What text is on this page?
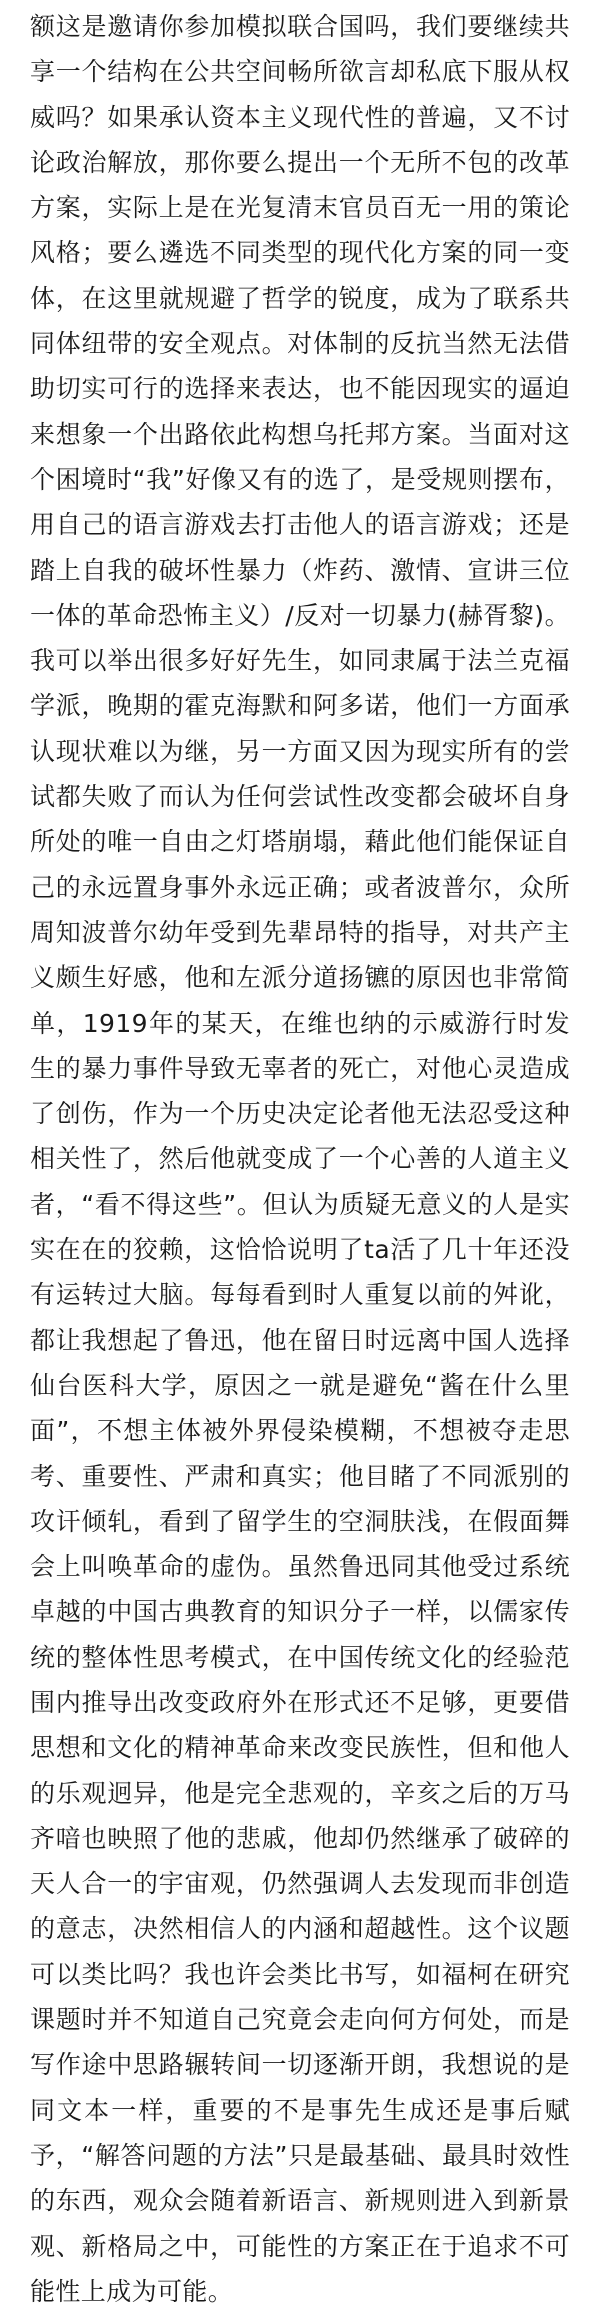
额这是邀请你参加模拟联合国吗，我们要继续共享一个结构在公共空间畅所欲言却私底下服从权威吗？如果承认资本主义现代性的普遍，又不讨论政治解放，那你要么提出一个无所不包的改革方案，实际上是在光复清末官员百无一用的策论风格；要么遴选不同类型的现代化方案的同一变体，在这里就规避了哲学的锐度，成为了联系共同体纽带的安全观点。对体制的反抗当然无法借助切实可行的选择来表达，也不能因现实的逼迫来想象一个出路依此构想乌托邦方案。当面对这个困境时“我”好像又有的选了，是受规则摆布，用自己的语言游戏去打击他人的语言游戏；还是踏上自我的破坏性暴力（炸药、激情、宣讲三位一体的革命恐怖主义）/反对一切暴力(赫胥黎)。我可以举出很多好好先生，如同隶属于法兰克福学派，晚期的霍克海默和阿多诺，他们一方面承认现状难以为继，另一方面又因为现实所有的尝试都失败了而认为任何尝试性改变都会破坏自身所处的唯一自由之灯塔崩塌，藉此他们能保证自己的永远置身事外永远正确；或者波普尔，众所周知波普尔幼年受到先辈昂特的指导，对共产主义颇生好感，他和左派分道扬镳的原因也非常简单，1919年的某天，在维也纳的示威游行时发生的暴力事件导致无辜者的死亡，对他心灵造成了创伤，作为一个历史决定论者他无法忍受这种相关性了，然后他就变成了一个心善的人道主义者，“看不得这些”。但认为质疑无意义的人是实实在在的狡赖，这恰恰说明了ta活了几十年还没有运转过大脑。每每看到时人重复以前的舛讹，都让我想起了鲁迅，他在留日时远离中国人选择仙台医科大学，原因之一就是避免“酱在什么里面”，不想主体被外界侵染模糊，不想被夺走思考、重要性、严肃和真实；他目睹了不同派别的攻讦倾轧，看到了留学生的空洞肤浅，在假面舞会上叫唤革命的虚伪。虽然鲁迅同其他受过系统卓越的中国古典教育的知识分子一样，以儒家传统的整体性思考模式，在中国传统文化的经验范围内推导出改变政府外在形式还不足够，更要借思想和文化的精神革命来改变民族性，但和他人的乐观迥异，他是完全悲观的，辛亥之后的万马齐喑也映照了他的悲戚，他却仍然继承了破碎的天人合一的宇宙观，仍然强调人去发现而非创造的意志，决然相信人的内涵和超越性。这个议题可以类比吗？我也许会类比书写，如福柯在研究课题时并不知道自己究竟会走向何方何处，而是写作途中思路辗转间一切逐渐开朗，我想说的是同文本一样，重要的不是事先生成还是事后赋予，“解答问题的方法”只是最基础、最具时效性的东西，观众会随着新语言、新规则进入到新景观、新格局之中，可能性的方案正在于追求不可能性上成为可能。
